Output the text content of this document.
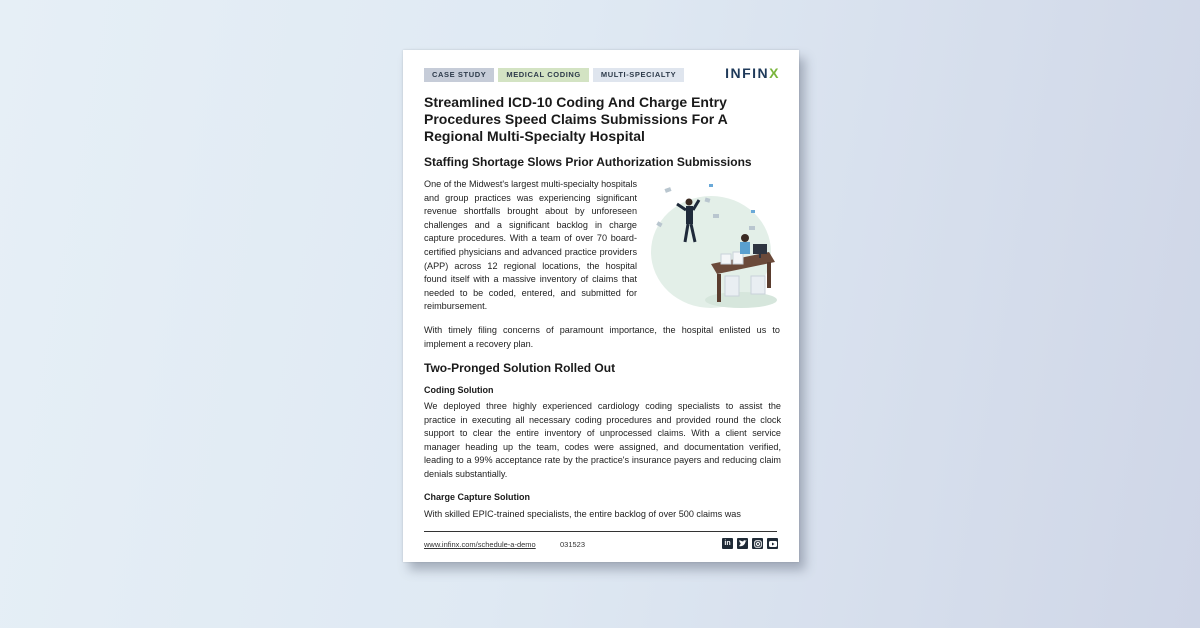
CASE STUDY	MEDICAL CODING	MULTI-SPECIALTY	INFINX
Streamlined ICD-10 Coding And Charge Entry Procedures Speed Claims Submissions For A Regional Multi-Specialty Hospital
Staffing Shortage Slows Prior Authorization Submissions

One of the Midwest's largest multi-specialty hospitals and group practices was experiencing significant revenue shortfalls brought about by unforeseen challenges and a significant backlog in charge capture procedures. With a team of over 70 board-certified physicians and advanced practice providers (APP) across 12 regional locations, the hospital found itself with a massive inventory of claims that needed to be coded, entered, and submitted for reimbursement.

With timely filing concerns of paramount importance, the hospital enlisted us to implement a recovery plan.

Two-Pronged Solution Rolled Out
Coding Solution

We deployed three highly experienced cardiology coding specialists to assist the practice in executing all necessary coding procedures and provided round the clock support to clear the entire inventory of unprocessed claims. With a client service manager heading up the team, codes were assigned, and documentation verified, leading to a 99% acceptance rate by the practice's insurance payers and reducing claim denials substantially.

Charge Capture Solution

With skilled EPIC-trained specialists, the entire backlog of over 500 claims was

www.infinx.com/schedule-a-demo	031523	in
